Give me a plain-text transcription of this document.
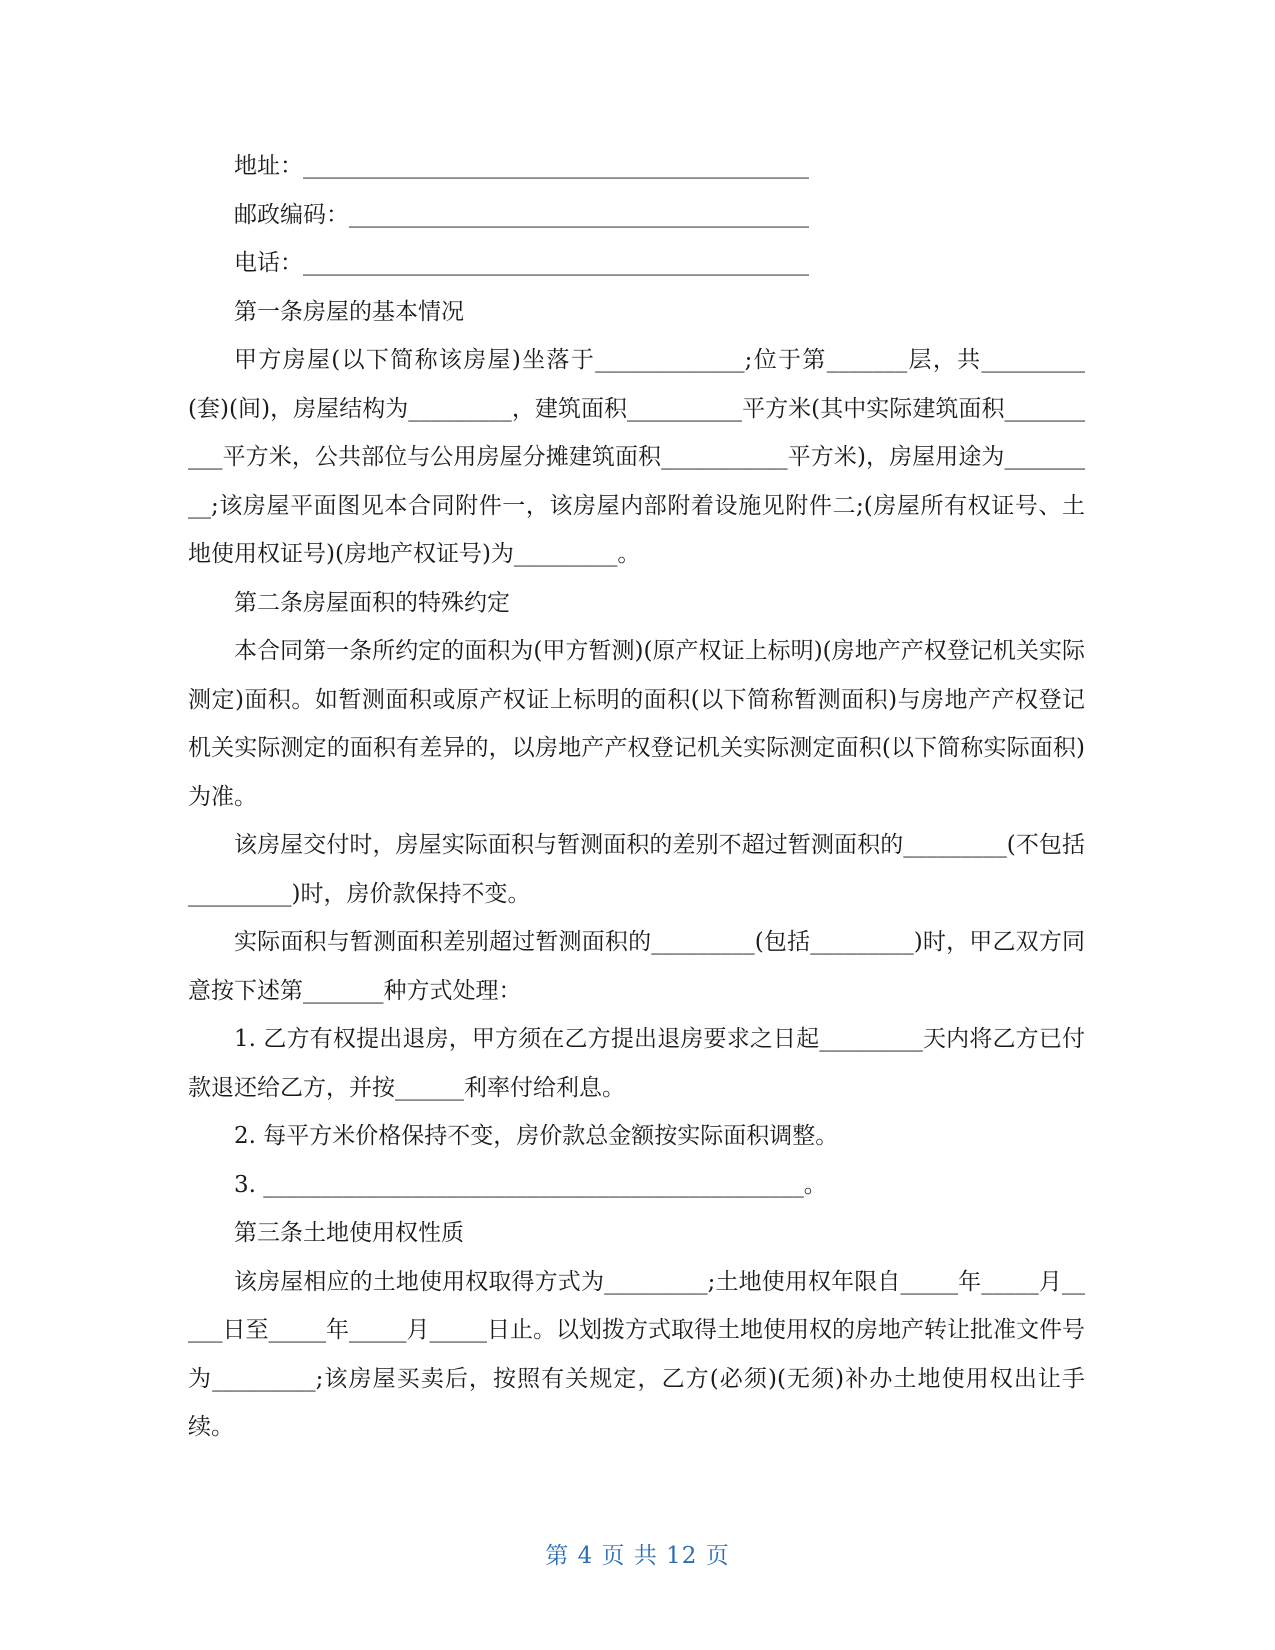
地址：____________________________________________

邮政编码：________________________________________

电话：____________________________________________

第一条房屋的基本情况

甲方房屋(以下简称该房屋)坐落于_____________;位于第_______层，共_________(套)(间)，房屋结构为_________，建筑面积__________平方米(其中实际建筑面积__________平方米，公共部位与公用房屋分摊建筑面积___________平方米)，房屋用途为_________;该房屋平面图见本合同附件一，该房屋内部附着设施见附件二;(房屋所有权证号、土地使用权证号)(房地产权证号)为_________。

第二条房屋面积的特殊约定

本合同第一条所约定的面积为(甲方暂测)(原产权证上标明)(房地产产权登记机关实际测定)面积。如暂测面积或原产权证上标明的面积(以下简称暂测面积)与房地产产权登记机关实际测定的面积有差异的，以房地产产权登记机关实际测定面积(以下简称实际面积)为准。

该房屋交付时，房屋实际面积与暂测面积的差别不超过暂测面积的_________(不包括_________)时，房价款保持不变。

实际面积与暂测面积差别超过暂测面积的_________(包括_________)时，甲乙双方同意按下述第_______种方式处理：

1. 乙方有权提出退房，甲方须在乙方提出退房要求之日起_________天内将乙方已付款退还给乙方，并按______利率付给利息。

2. 每平方米价格保持不变，房价款总金额按实际面积调整。

3. _______________________________________________。

第三条土地使用权性质

该房屋相应的土地使用权取得方式为_________;土地使用权年限自_____年_____月_____日至_____年_____月_____日止。以划拨方式取得土地使用权的房地产转让批准文件号为_________;该房屋买卖后，按照有关规定，乙方(必须)(无须)补办土地使用权出让手续。

第 4 页 共 12 页
